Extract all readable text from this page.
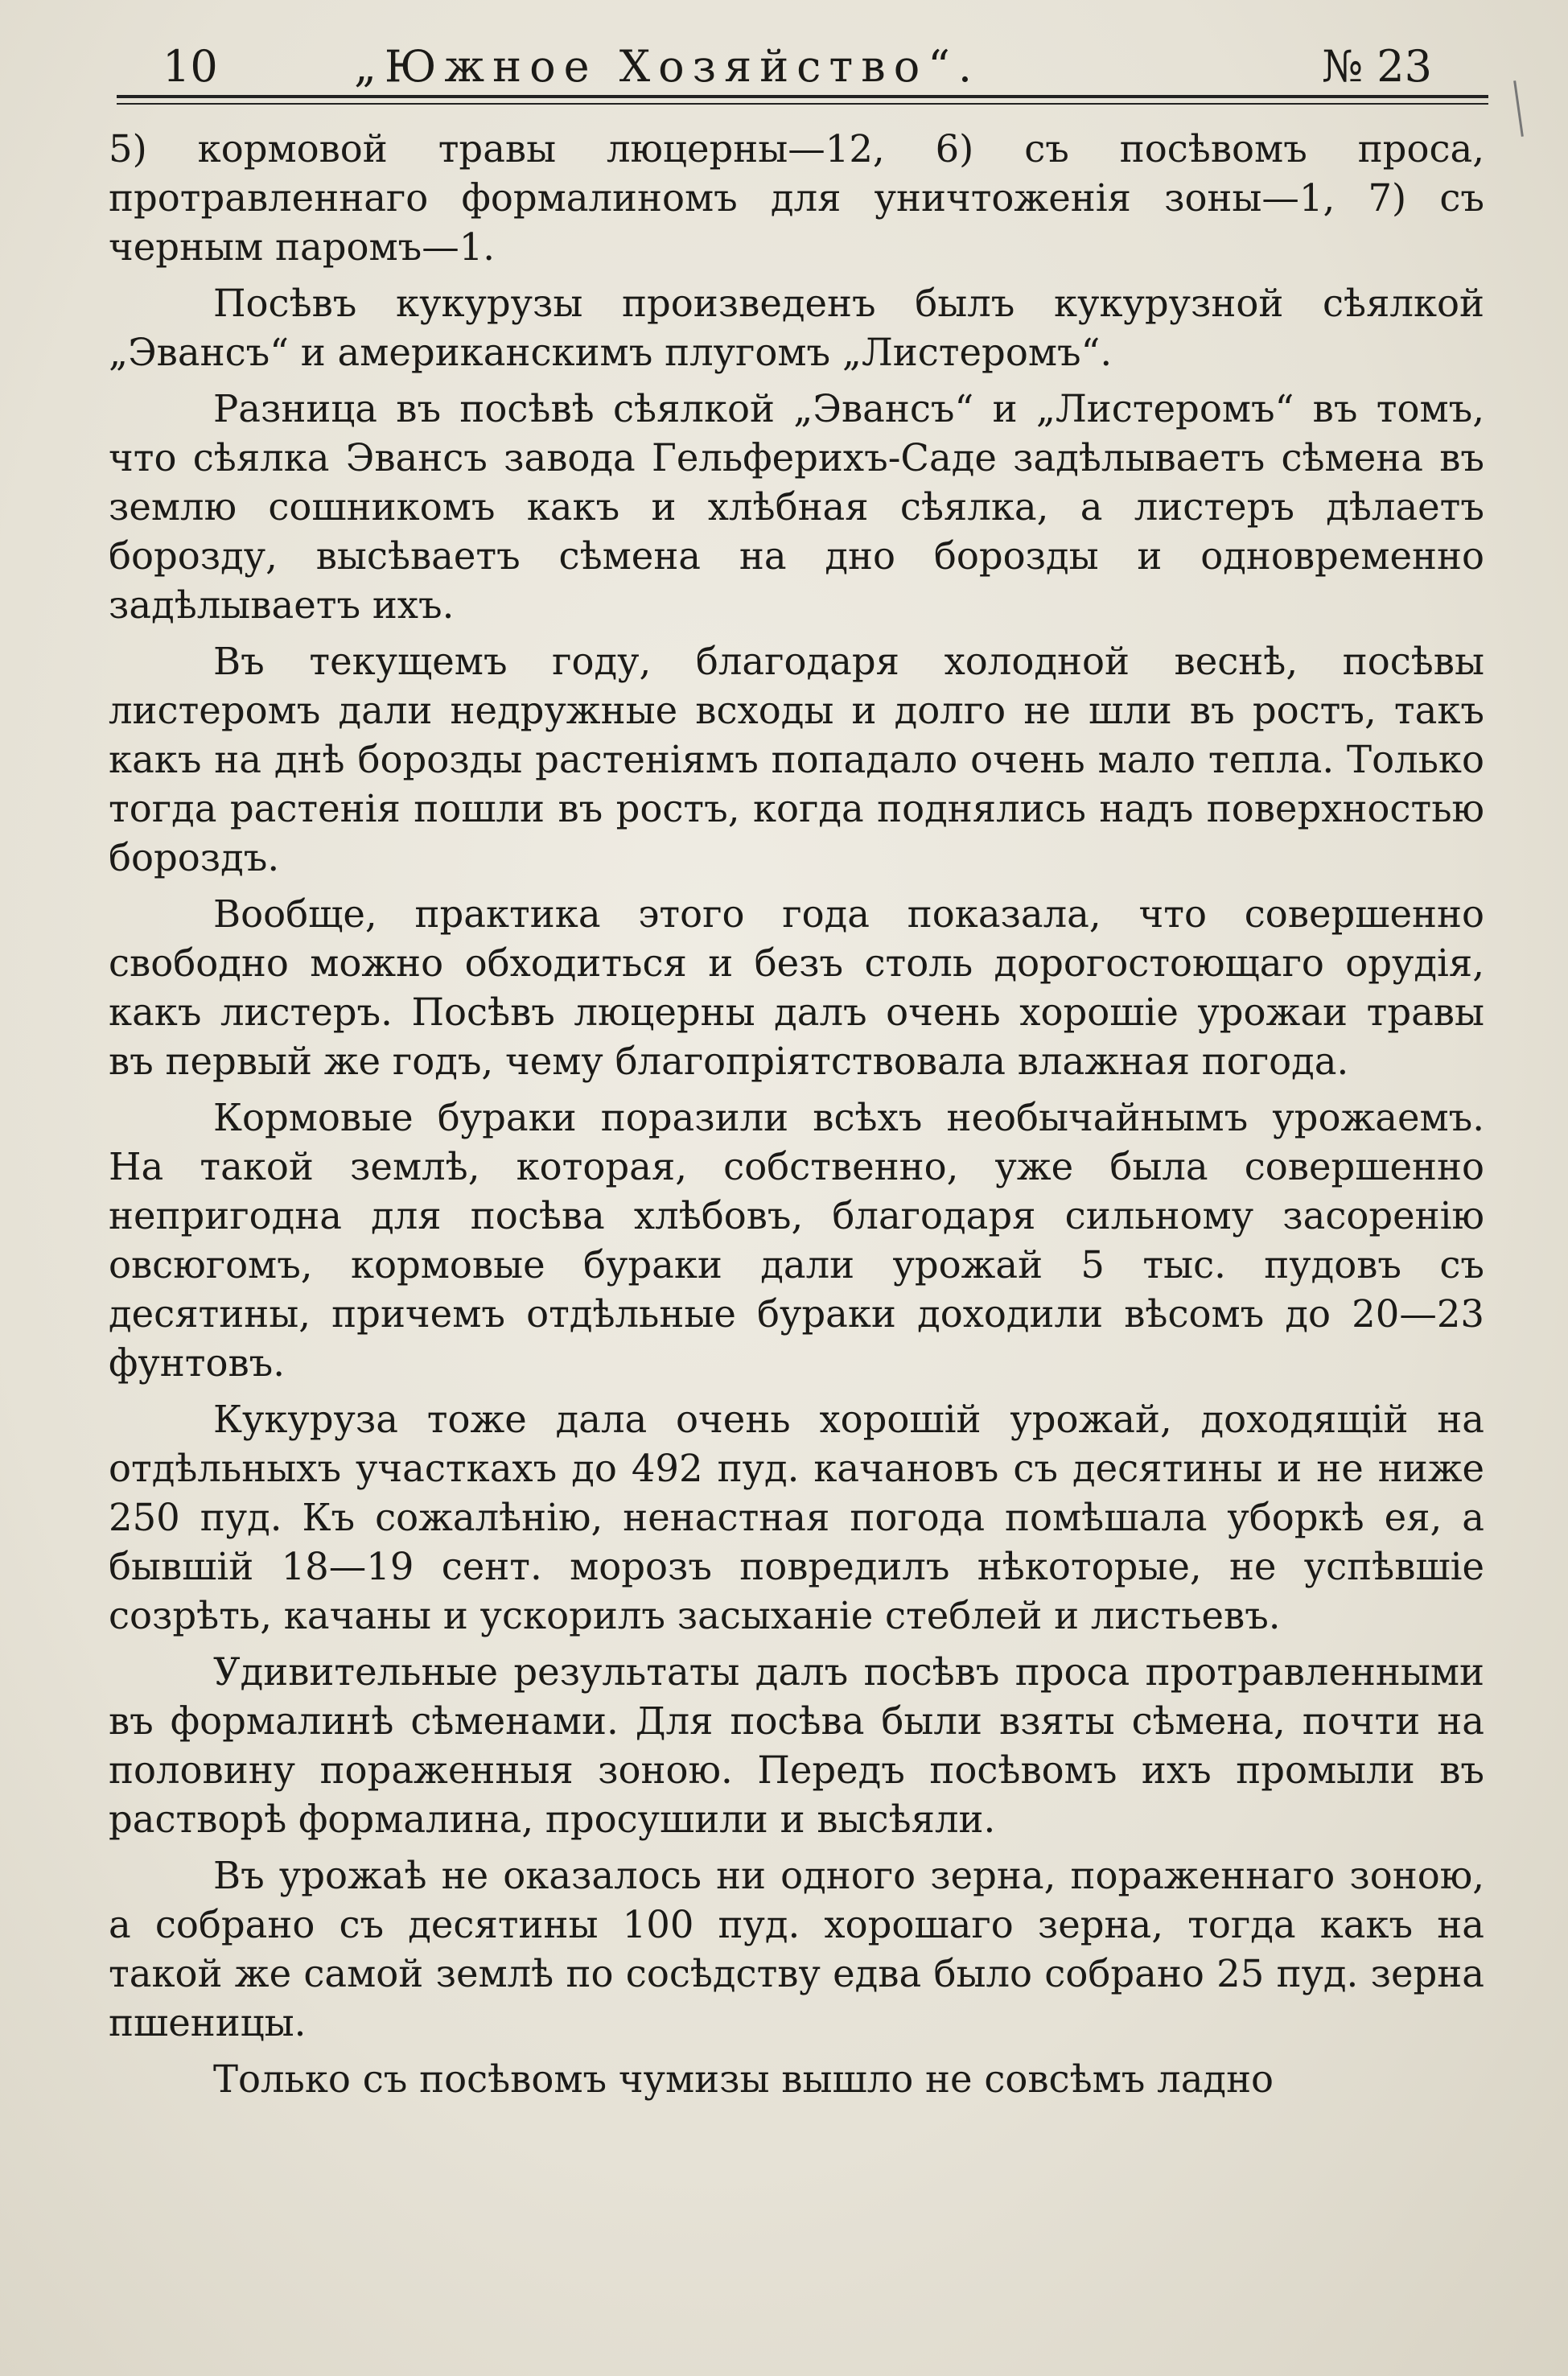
10	„Южное Хозяйство“.	№ 23

5) кормовой травы люцерны—12, 6) съ посѣвомъ проса, протравленнаго формалиномъ для уничтоженія зоны—1, 7) съ черным паромъ—1.

Посѣвъ кукурузы произведенъ былъ кукурузной сѣялкой „Эвансъ“ и американскимъ плугомъ „Листеромъ“.

Разница въ посѣвѣ сѣялкой „Эвансъ“ и „Листеромъ“ въ томъ, что сѣялка Эвансъ завода Гельферихъ-Саде задѣлываетъ сѣмена въ землю сошникомъ какъ и хлѣбная сѣялка, а листеръ дѣлаетъ борозду, высѣваетъ сѣмена на дно борозды и одновременно задѣлываетъ ихъ.

Въ текущемъ году, благодаря холодной веснѣ, посѣвы листеромъ дали недружные всходы и долго не шли въ ростъ, такъ какъ на днѣ борозды растеніямъ попадало очень мало тепла. Только тогда растенія пошли въ ростъ, когда поднялись надъ поверхностью бороздъ.

Вообще, практика этого года показала, что совершенно свободно можно обходиться и безъ столь дорогостоющаго орудія, какъ листеръ. Посѣвъ люцерны далъ очень хорошіе урожаи травы въ первый же годъ, чему благопріятствовала влажная погода.

Кормовые бураки поразили всѣхъ необычайнымъ урожаемъ. На такой землѣ, которая, собственно, уже была совершенно непригодна для посѣва хлѣбовъ, благодаря сильному засоренію овсюгомъ, кормовые бураки дали урожай 5 тыс. пудовъ съ десятины, причемъ отдѣльные бураки доходили вѣсомъ до 20—23 фунтовъ.

Кукуруза тоже дала очень хорошій урожай, доходящій на отдѣльныхъ участкахъ до 492 пуд. качановъ съ десятины и не ниже 250 пуд. Къ сожалѣнію, ненастная погода помѣшала уборкѣ ея, а бывшій 18—19 сент. морозъ повредилъ нѣкоторые, не успѣвшіе созрѣть, качаны и ускорилъ засыханіе стеблей и листьевъ.

Удивительные результаты далъ посѣвъ проса протравленными въ формалинѣ сѣменами. Для посѣва были взяты сѣмена, почти на половину пораженныя зоною. Передъ посѣвомъ ихъ промыли въ растворѣ формалина, просушили и высѣяли.

Въ урожаѣ не оказалось ни одного зерна, пораженнаго зоною, а собрано съ десятины 100 пуд. хорошаго зерна, тогда какъ на такой же самой землѣ по сосѣдству едва было собрано 25 пуд. зерна пшеницы.

Только съ посѣвомъ чумизы вышло не совсѣмъ ладно
